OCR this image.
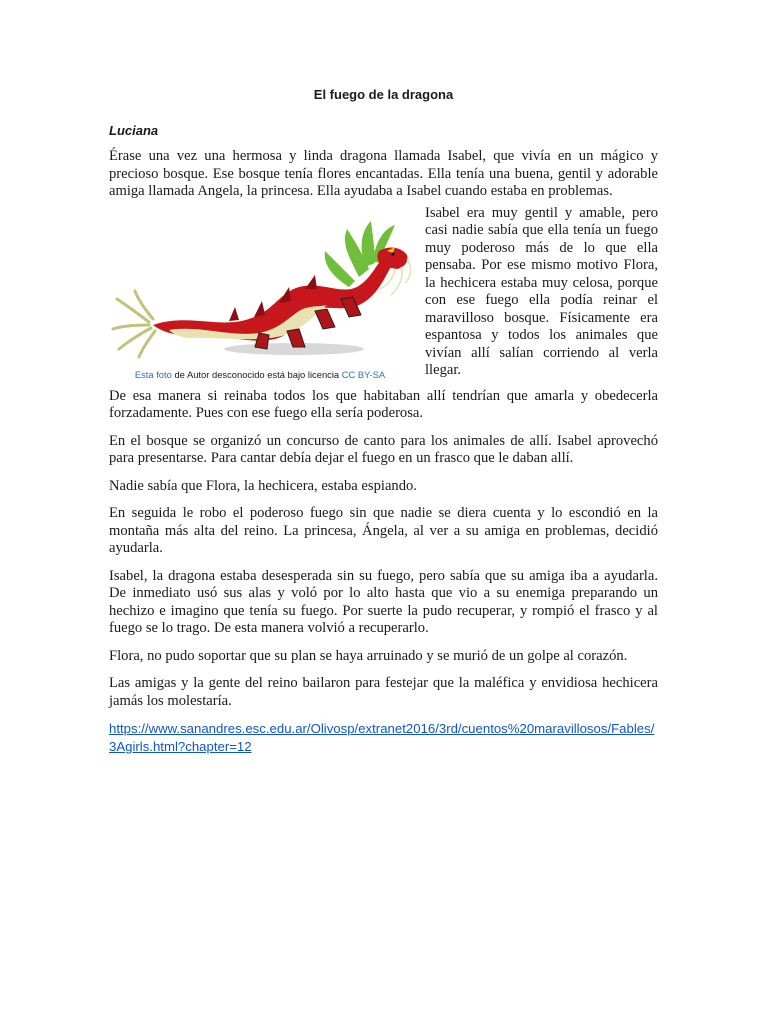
El fuego de la dragona
Luciana

Érase una vez una hermosa y linda dragona llamada Isabel, que vivía en un mágico y precioso bosque. Ese bosque tenía flores encantadas. Ella tenía una buena, gentil y adorable amiga llamada Angela, la princesa. Ella ayudaba a Isabel cuando estaba en problemas.

Esta foto de Autor desconocido está bajo licencia CC BY-SA

Isabel era muy gentil y amable, pero casi nadie sabía que ella tenía un fuego muy poderoso más de lo que ella pensaba. Por ese mismo motivo Flora, la hechicera estaba muy celosa, porque con ese fuego ella podía reinar el maravilloso bosque. Físicamente era espantosa y todos los animales que vivían allí salían corriendo al verla llegar.

De esa manera si reinaba todos los que habitaban allí tendrían que amarla y obedecerla forzadamente. Pues con ese fuego ella sería poderosa.

En el bosque se organizó un concurso de canto para los animales de allí. Isabel aprovechó para presentarse. Para cantar debía dejar el fuego en un frasco que le daban allí.

Nadie sabía que Flora, la hechicera, estaba espiando.

En seguida le robo el poderoso fuego sin que nadie se diera cuenta y lo escondió en la montaña más alta del reino. La princesa, Ángela, al ver a su amiga en problemas, decidió ayudarla.

Isabel, la dragona estaba desesperada sin su fuego, pero sabía que su amiga iba a ayudarla. De inmediato usó sus alas y voló por lo alto hasta que vio a su enemiga preparando un hechizo e imagino que tenía su fuego. Por suerte la pudo recuperar, y rompió el frasco y al fuego se lo trago. De esta manera volvió a recuperarlo.

Flora, no pudo soportar que su plan se haya arruinado y se murió de un golpe al corazón.

Las amigas y la gente del reino bailaron para festejar que la maléfica y envidiosa hechicera jamás los molestaría.

https://www.sanandres.esc.edu.ar/Olivosp/extranet2016/3rd/cuentos%20maravillosos/Fables/3Agirls.html?chapter=12
